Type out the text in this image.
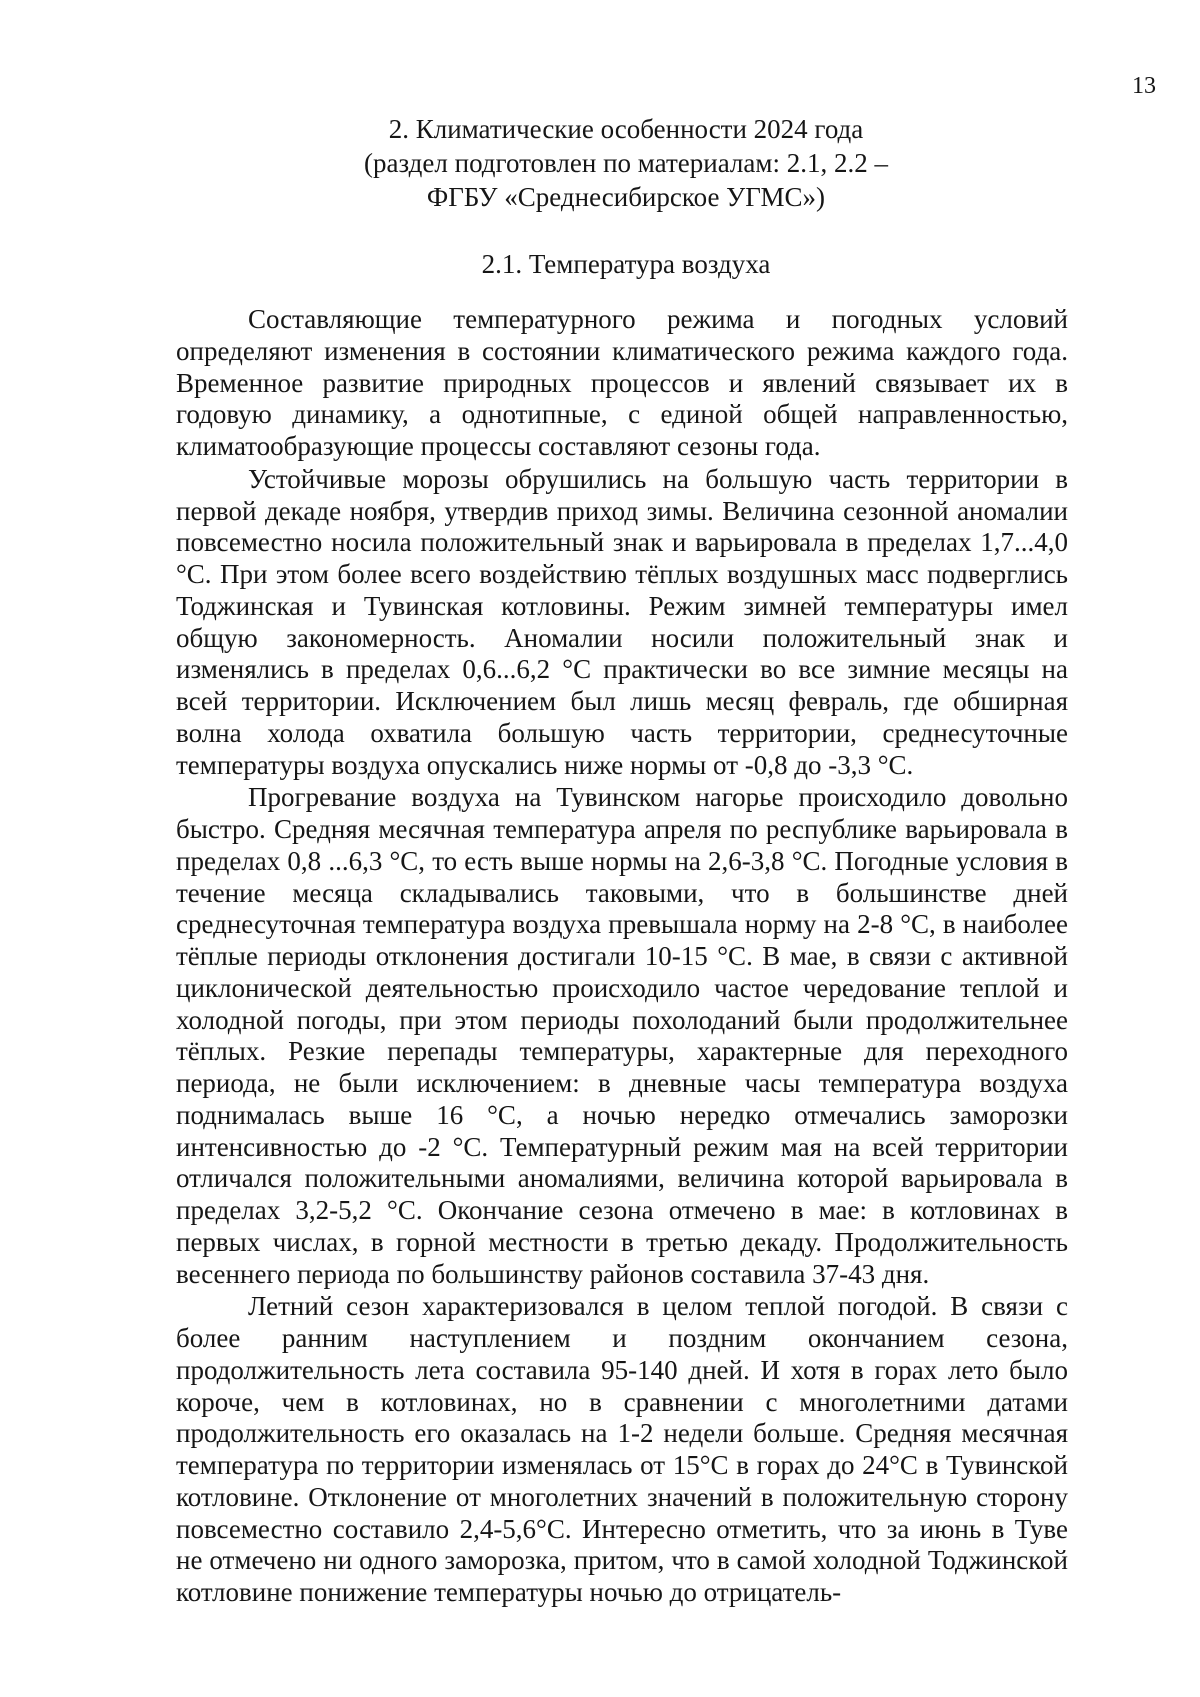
13
2. Климатические особенности 2024 года
(раздел подготовлен по материалам: 2.1, 2.2 –
ФГБУ «Среднесибирское УГМС»)
2.1. Температура воздуха

Составляющие температурного режима и погодных условий определяют изменения в состоянии климатического режима каждого года. Временное развитие природных процессов и явлений связывает их в годовую динамику, а однотипные, с единой общей направленностью, климатообразующие процессы составляют сезоны года.

Устойчивые морозы обрушились на большую часть территории в первой декаде ноября, утвердив приход зимы. Величина сезонной аномалии повсеместно носила положительный знак и варьировала в пределах 1,7...4,0 °С. При этом более всего воздействию тёплых воздушных масс подверглись Тоджинская и Тувинская котловины. Режим зимней температуры имел общую закономерность. Аномалии носили положительный знак и изменялись в пределах 0,6...6,2 °С практически во все зимние месяцы на всей территории. Исключением был лишь месяц февраль, где обширная волна холода охватила большую часть территории, среднесуточные температуры воздуха опускались ниже нормы от -0,8 до -3,3 °С.

Прогревание воздуха на Тувинском нагорье происходило довольно быстро. Средняя месячная температура апреля по республике варьировала в пределах 0,8 ...6,3 °С, то есть выше нормы на 2,6-3,8 °С. Погодные условия в течение месяца складывались таковыми, что в большинстве дней среднесуточная температура воздуха превышала норму на 2-8 °С, в наиболее тёплые периоды отклонения достигали 10-15 °С. В мае, в связи с активной циклонической деятельностью происходило частое чередование теплой и холодной погоды, при этом периоды похолоданий были продолжительнее тёплых. Резкие перепады температуры, характерные для переходного периода, не были исключением: в дневные часы температура воздуха поднималась выше 16 °С, а ночью нередко отмечались заморозки интенсивностью до -2 °С. Температурный режим мая на всей территории отличался положительными аномалиями, величина которой варьировала в пределах 3,2-5,2 °С. Окончание сезона отмечено в мае: в котловинах в первых числах, в горной местности в третью декаду. Продолжительность весеннего периода по большинству районов составила 37-43 дня.

Летний сезон характеризовался в целом теплой погодой. В связи с более ранним наступлением и поздним окончанием сезона, продолжительность лета составила 95-140 дней. И хотя в горах лето было короче, чем в котловинах, но в сравнении с многолетними датами продолжительность его оказалась на 1-2 недели больше. Средняя месячная температура по территории изменялась от 15°С в горах до 24°С в Тувинской котловине. Отклонение от многолетних значений в положительную сторону повсеместно составило 2,4-5,6°С. Интересно отметить, что за июнь в Туве не отмечено ни одного заморозка, притом, что в самой холодной Тоджинской котловине понижение температуры ночью до отрицатель-
